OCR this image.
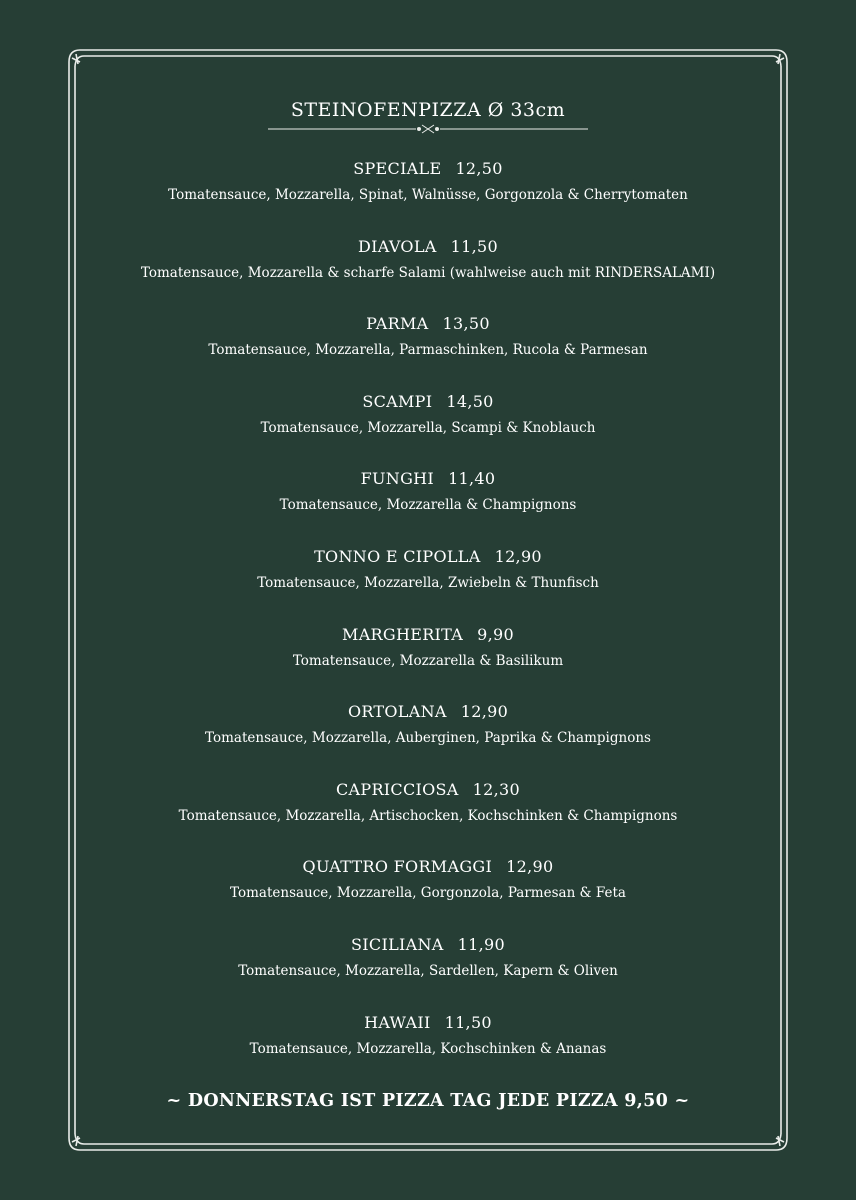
STEINOFENPIZZA Ø 33cm
SPECIALE 12,50
Tomatensauce, Mozzarella, Spinat, Walnüsse, Gorgonzola & Cherrytomaten
DIAVOLA 11,50
Tomatensauce, Mozzarella & scharfe Salami (wahlweise auch mit RINDERSALAMI)
PARMA 13,50
Tomatensauce, Mozzarella, Parmaschinken, Rucola & Parmesan
SCAMPI 14,50
Tomatensauce, Mozzarella, Scampi & Knoblauch
FUNGHI 11,40
Tomatensauce, Mozzarella & Champignons
TONNO E CIPOLLA 12,90
Tomatensauce, Mozzarella, Zwiebeln & Thunfisch
MARGHERITA 9,90
Tomatensauce, Mozzarella & Basilikum
ORTOLANA 12,90
Tomatensauce, Mozzarella, Auberginen, Paprika & Champignons
CAPRICCIOSA 12,30
Tomatensauce, Mozzarella, Artischocken, Kochschinken & Champignons
QUATTRO FORMAGGI 12,90
Tomatensauce, Mozzarella, Gorgonzola, Parmesan & Feta
SICILIANA 11,90
Tomatensauce, Mozzarella, Sardellen, Kapern & Oliven
HAWAII 11,50
Tomatensauce, Mozzarella, Kochschinken & Ananas
~ DONNERSTAG IST PIZZA TAG JEDE PIZZA 9,50 ~
